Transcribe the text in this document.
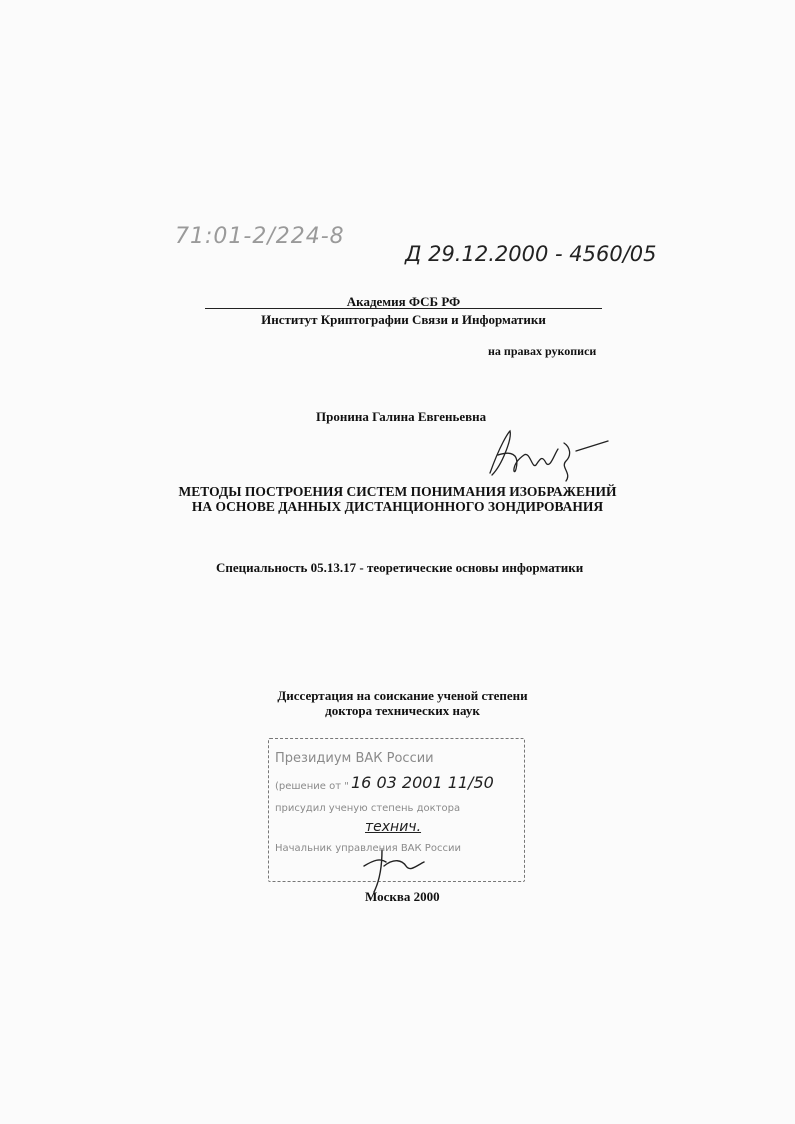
71:01-2/224-8
Д 29.12.2000 - 4560/05
Академия ФСБ РФ
Институт Криптографии Связи и Информатики
на правах рукописи
Пронина Галина Евгеньевна
МЕТОДЫ ПОСТРОЕНИЯ СИСТЕМ ПОНИМАНИЯ ИЗОБРАЖЕНИЙ
НА ОСНОВЕ ДАННЫХ ДИСТАНЦИОННОГО ЗОНДИРОВАНИЯ
Специальность 05.13.17 - теоретические основы информатики
Диссертация на соискание ученой степени
доктора технических наук
Президиум ВАК России
(решение от " 16 03 2001 11/50
присудил ученую степень доктора
технич.
Начальник управления ВАК России
Москва 2000
